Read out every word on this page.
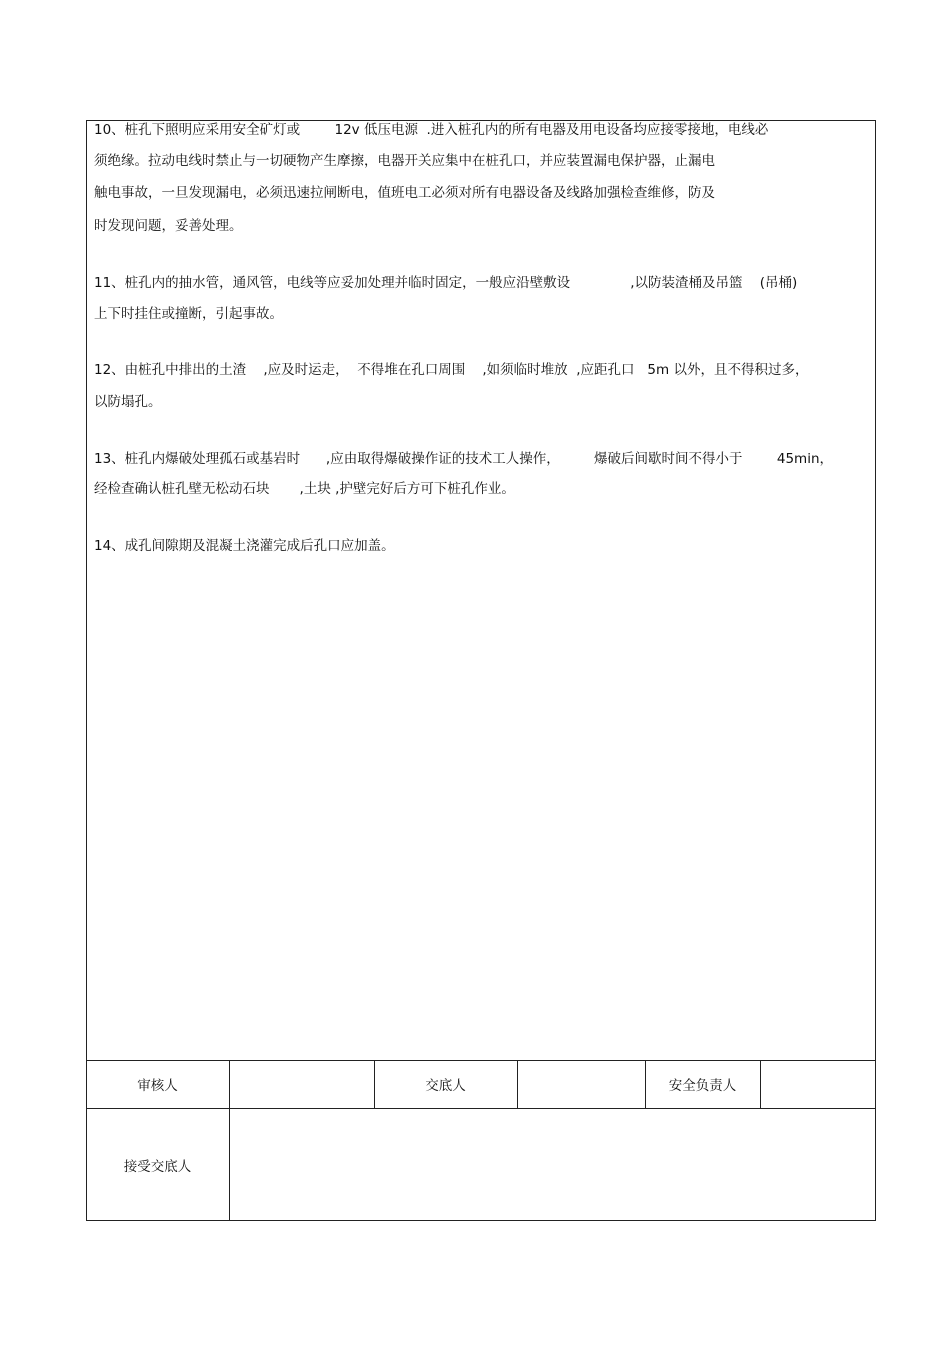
10、桩孔下照明应采用安全矿灯或        12v 低压电源  .进入桩孔内的所有电器及用电设备均应接零接地，电线必
须绝缘。拉动电线时禁止与一切硬物产生摩擦，电器开关应集中在桩孔口，并应装置漏电保护器，止漏电
触电事故，一旦发现漏电，必须迅速拉闸断电，值班电工必须对所有电器设备及线路加强检查维修，防及
时发现问题，妥善处理。
11、桩孔内的抽水管，通风管，电线等应妥加处理并临时固定，一般应沿壁敷设              ,以防装渣桶及吊篮    (吊桶)
上下时挂住或撞断，引起事故。
12、由桩孔中排出的土渣    ,应及时运走，  不得堆在孔口周围    ,如须临时堆放  ,应距孔口   5m 以外，且不得积过多，
以防塌孔。
13、桩孔内爆破处理孤石或基岩时      ,应由取得爆破操作证的技术工人操作，        爆破后间歇时间不得小于        45min，
经检查确认桩孔壁无松动石块       ,土块 ,护壁完好后方可下桩孔作业。
14、成孔间隙期及混凝土浇灌完成后孔口应加盖。
审核人	交底人	安全负责人
接受交底人
